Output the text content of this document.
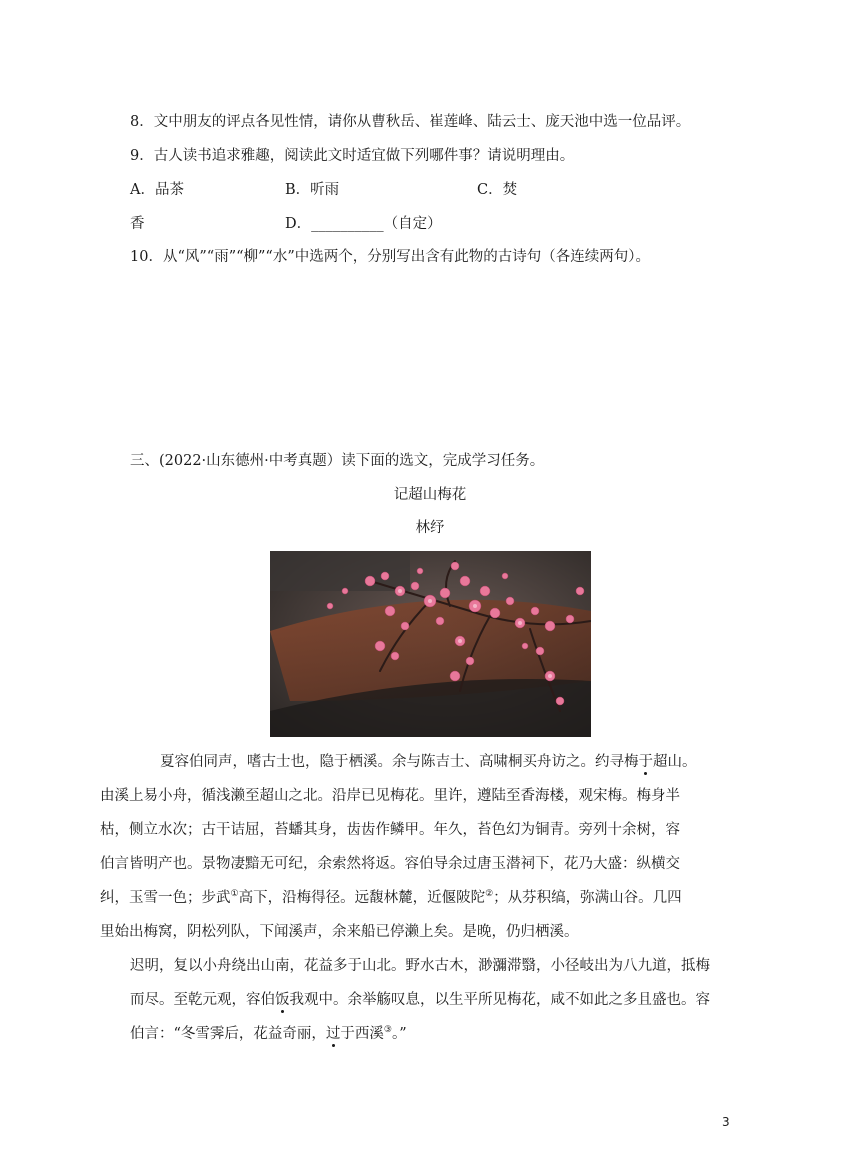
8．文中朋友的评点各见性情，请你从曹秋岳、崔莲峰、陆云士、庞天池中选一位品评。
9．古人读书追求雅趣，阅读此文时适宜做下列哪件事？请说明理由。
A．品茶	B．听雨	C．焚
香	D．__________（自定）
10．从“风”“雨”“柳”“水”中选两个，分别写出含有此物的古诗句（各连续两句）。
三、(2022·山东德州·中考真题）读下面的选文，完成学习任务。
记超山梅花
林纾
夏容伯同声，嗜古士也，隐于栖溪。余与陈吉士、高啸桐买舟访之。约寻梅于超山。
由溪上易小舟，循浅濑至超山之北。沿岸已见梅花。里许，遵陆至香海楼，观宋梅。梅身半
枯，侧立水次；古干诘屈，苔蟠其身，齿齿作鳞甲。年久，苔色幻为铜青。旁列十余树，容
伯言皆明产也。景物凄黯无可纪，余索然将返。容伯导余过唐玉潜祠下，花乃大盛：纵横交
纠，玉雪一色；步武①高下，沿梅得径。远馥林麓，近偃陂陀②；从芬积缟，弥满山谷。几四
里始出梅窝，阴松列队，下闻溪声，余来船已停濑上矣。是晚，仍归栖溪。
迟明，复以小舟绕出山南，花益多于山北。野水古木，渺瀰滞翳，小径岐出为八九道，抵梅
而尽。至乾元观，容伯饭我观中。余举觞叹息，以生平所见梅花，咸不如此之多且盛也。容
伯言：“冬雪霁后，花益奇丽，过于西溪③。”
3
